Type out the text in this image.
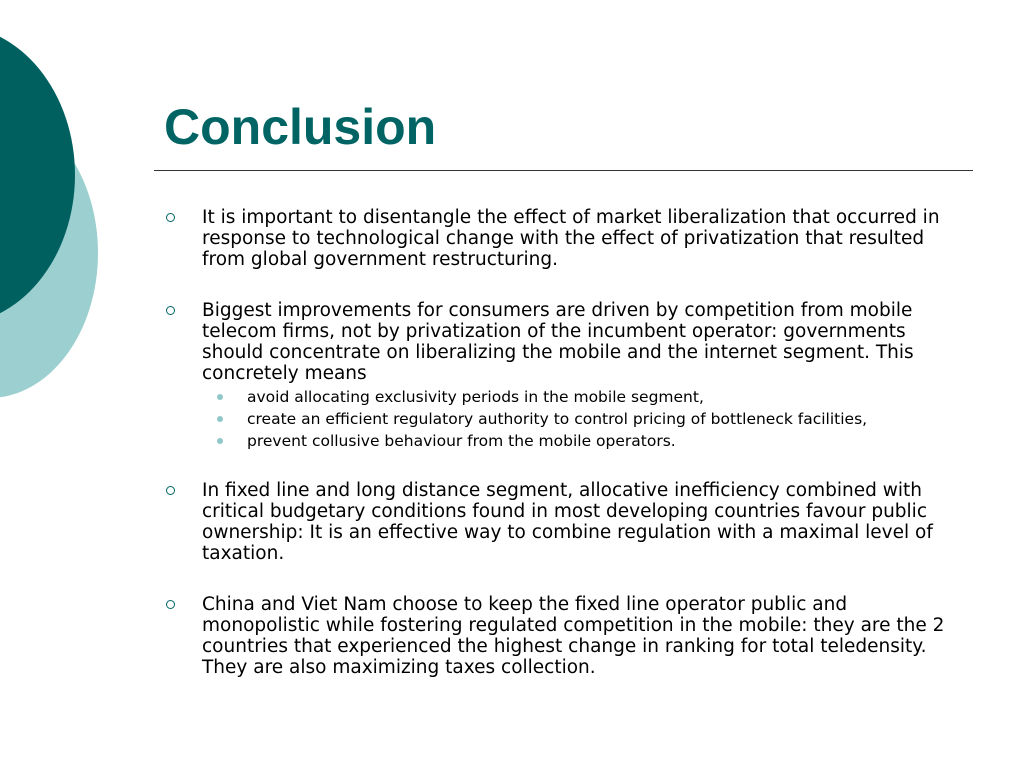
Conclusion
It is important to disentangle the effect of market liberalization that occurred in response to technological change with the effect of privatization that resulted from global government restructuring.
Biggest improvements for consumers are driven by competition from mobile telecom firms, not by privatization of the incumbent operator: governments should concentrate on liberalizing the mobile and the internet segment. This concretely means
avoid allocating exclusivity periods in the mobile segment,
create an efficient regulatory authority to control pricing of bottleneck facilities,
prevent collusive behaviour from the mobile operators.
In fixed line and long distance segment, allocative inefficiency combined with critical budgetary conditions found in most developing countries favour public ownership: It is an effective way to combine regulation with a maximal level of taxation.
China and Viet Nam choose to keep the fixed line operator public and monopolistic while fostering regulated competition in the mobile: they are the 2 countries that experienced the highest change in ranking for total teledensity. They are also maximizing taxes collection.
